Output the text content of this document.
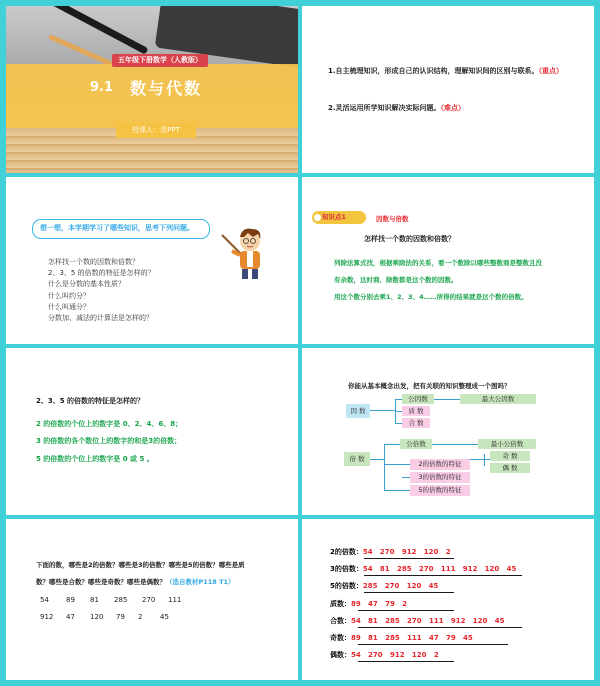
五年级下册数学（人教版）
9.1 数与代数
授课人：觅PPT
1.自主梳理知识，形成自己的认识结构，理解知识间的区别与联系。（重点）
2.灵活运用所学知识解决实际问题。（难点）
想一想，本学期学习了哪些知识，思考下列问题。
怎样找一个数的因数和倍数？
2、3、5 的倍数的特征是怎样的？
什么是分数的基本性质？
什么叫约分？
什么叫通分？
分数加、减法的计算法是怎样的？
知识点1	因数与倍数
怎样找一个数的因数和倍数？
列除法算式找，根据乘除法的关系，看一个数除以哪些整数商是整数且没
有余数，这时商、除数都是这个数的因数。
用这个数分别去乘1、2、3、4……所得的结果就是这个数的倍数。
2、3、5 的倍数的特征是怎样的？
2 的倍数的个位上的数字是 0、2、4、6、8；
3 的倍数的各个数位上的数字的和是3的倍数；
5 的倍数的个位上的数字是 0 或 5 。
你能从基本概念出发，把有关联的知识整理成一个图吗？
因 数
公因数	最大公因数
质 数
合 数
倍 数
公倍数	最小公倍数
2的倍数的特征
奇 数
偶 数
3的倍数的特征
5的倍数的特征
下面的数，哪些是2的倍数？哪些是3的倍数？哪些是5的倍数？哪些是质
数？哪些是合数？哪些是奇数？哪些是偶数？（选自教材P118 T1）
54 89 81 285 270 111
912 47 120 79 2	45
2的倍数：54   270   912   120   2
3的倍数：54   81   285   270   111   912   120   45
5的倍数：285   270   120   45
质数：89   47   79   2
合数：54   81   285   270   111   912   120   45
奇数：89   81   285   111   47   79   45
偶数：54   270   912   120   2
